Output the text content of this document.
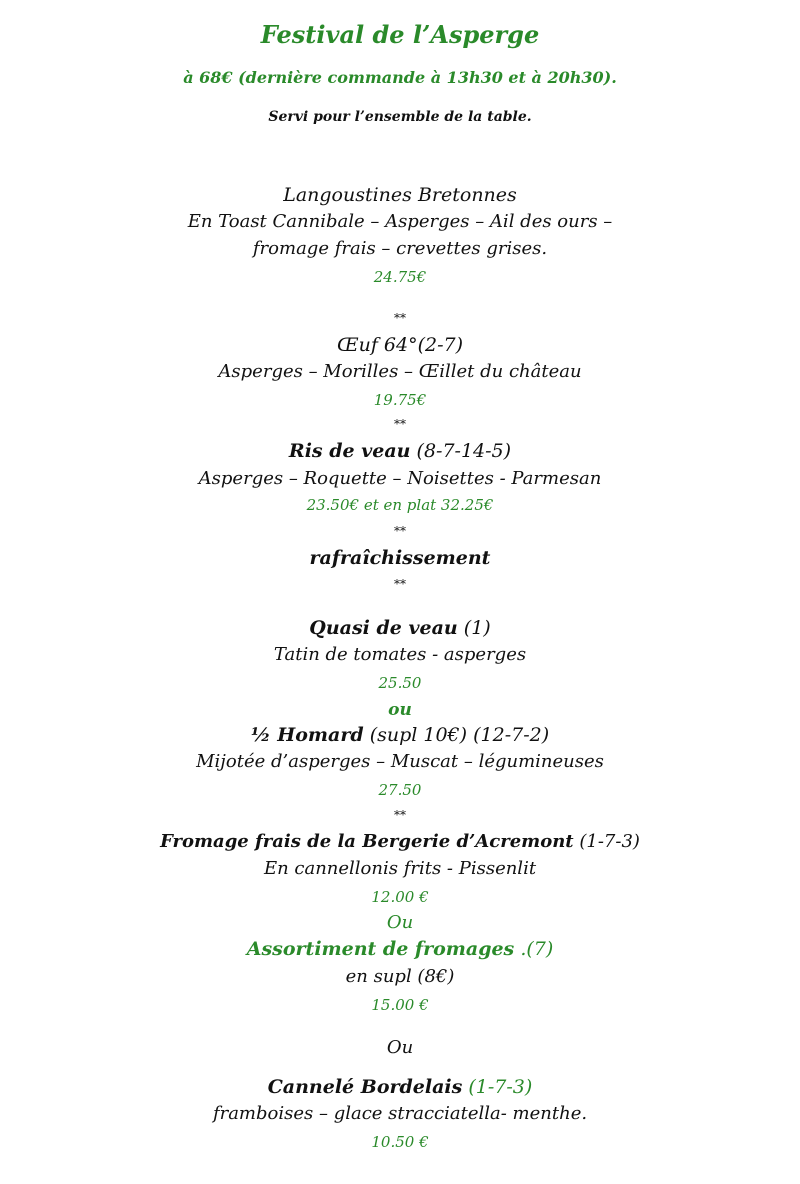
Festival de l’Asperge
à 68€ (dernière commande à 13h30 et à 20h30).
Servi pour l’ensemble de la table.
Langoustines Bretonnes
En Toast Cannibale – Asperges – Ail des ours –
fromage frais – crevettes grises.
24.75€
**
Œuf 64°(2-7)
Asperges – Morilles – Œillet du château
19.75€
**
Ris de veau (8-7-14-5)
Asperges – Roquette – Noisettes - Parmesan
23.50€ et en plat 32.25€
**
rafraîchissement
**
Quasi de veau (1)
Tatin de tomates - asperges
25.50
ou
½ Homard (supl 10€) (12-7-2)
Mijotée d’asperges – Muscat – légumineuses
27.50
**
Fromage frais de la Bergerie d’Acremont (1-7-3)
En cannellonis frits - Pissenlit
12.00 €
Ou
Assortiment de fromages .(7)
en supl (8€)
15.00 €
Ou
Cannelé Bordelais (1-7-3)
framboises – glace stracciatella- menthe.
10.50 €
